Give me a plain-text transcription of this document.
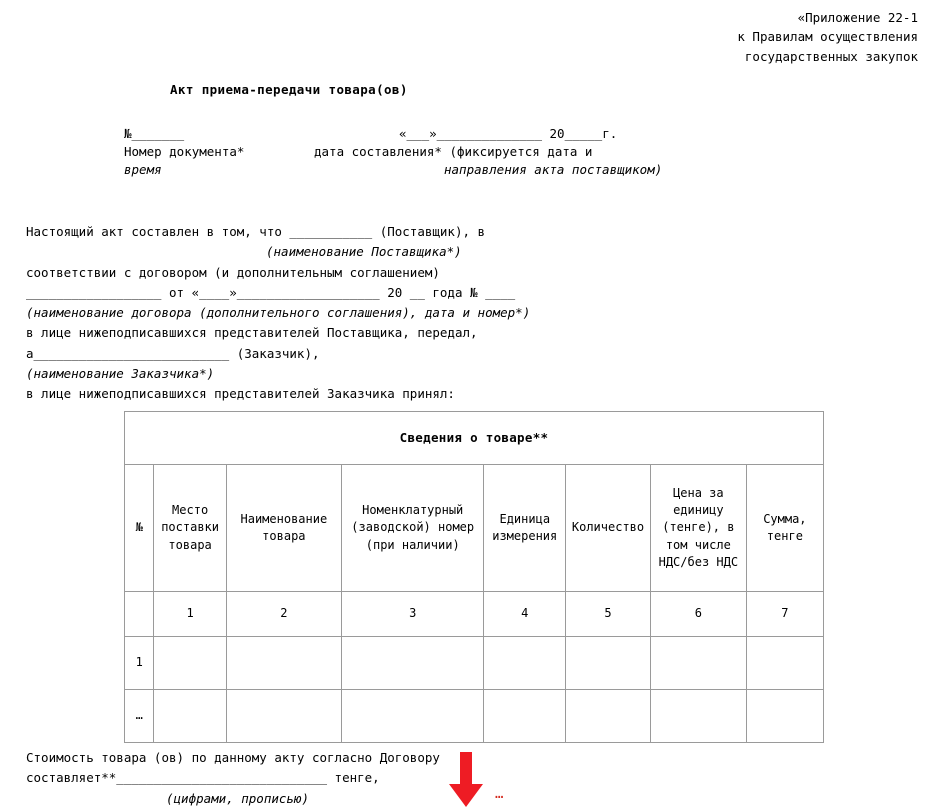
«Приложение 22-1
к Правилам осуществления
государственных закупок
Акт приема-передачи товара(ов)
№_______	«___»______________ 20_____г.
Номер документа*	дата составления* (фиксируется дата и
время	направления акта поставщиком)
Настоящий акт составлен в том, что ___________ (Поставщик), в
(наименование Поставщика*)
соответствии с договором (и дополнительным соглашением)
__________________ от «____»___________________ 20 __ года № ____
(наименование договора (дополнительного соглашения), дата и номер*)
в лице нижеподписавшихся представителей Поставщика, передал,
а__________________________ (Заказчик),
(наименование Заказчика*)
в лице нижеподписавшихся представителей Заказчика принял:
Сведения о товаре**							
№	Место поставки товара	Наименование товара	Номенклатурный (заводской) номер (при наличии)	Единица измерения	Количество	Цена за единицу (тенге), в том числе НДС/без НДС	Сумма, тенге
	1	2	3	4	5	6	7
1							
…							
Стоимость товара (ов) по данному акту согласно Договору
составляет**____________________________ тенге,
(цифрами, прописью)	…
